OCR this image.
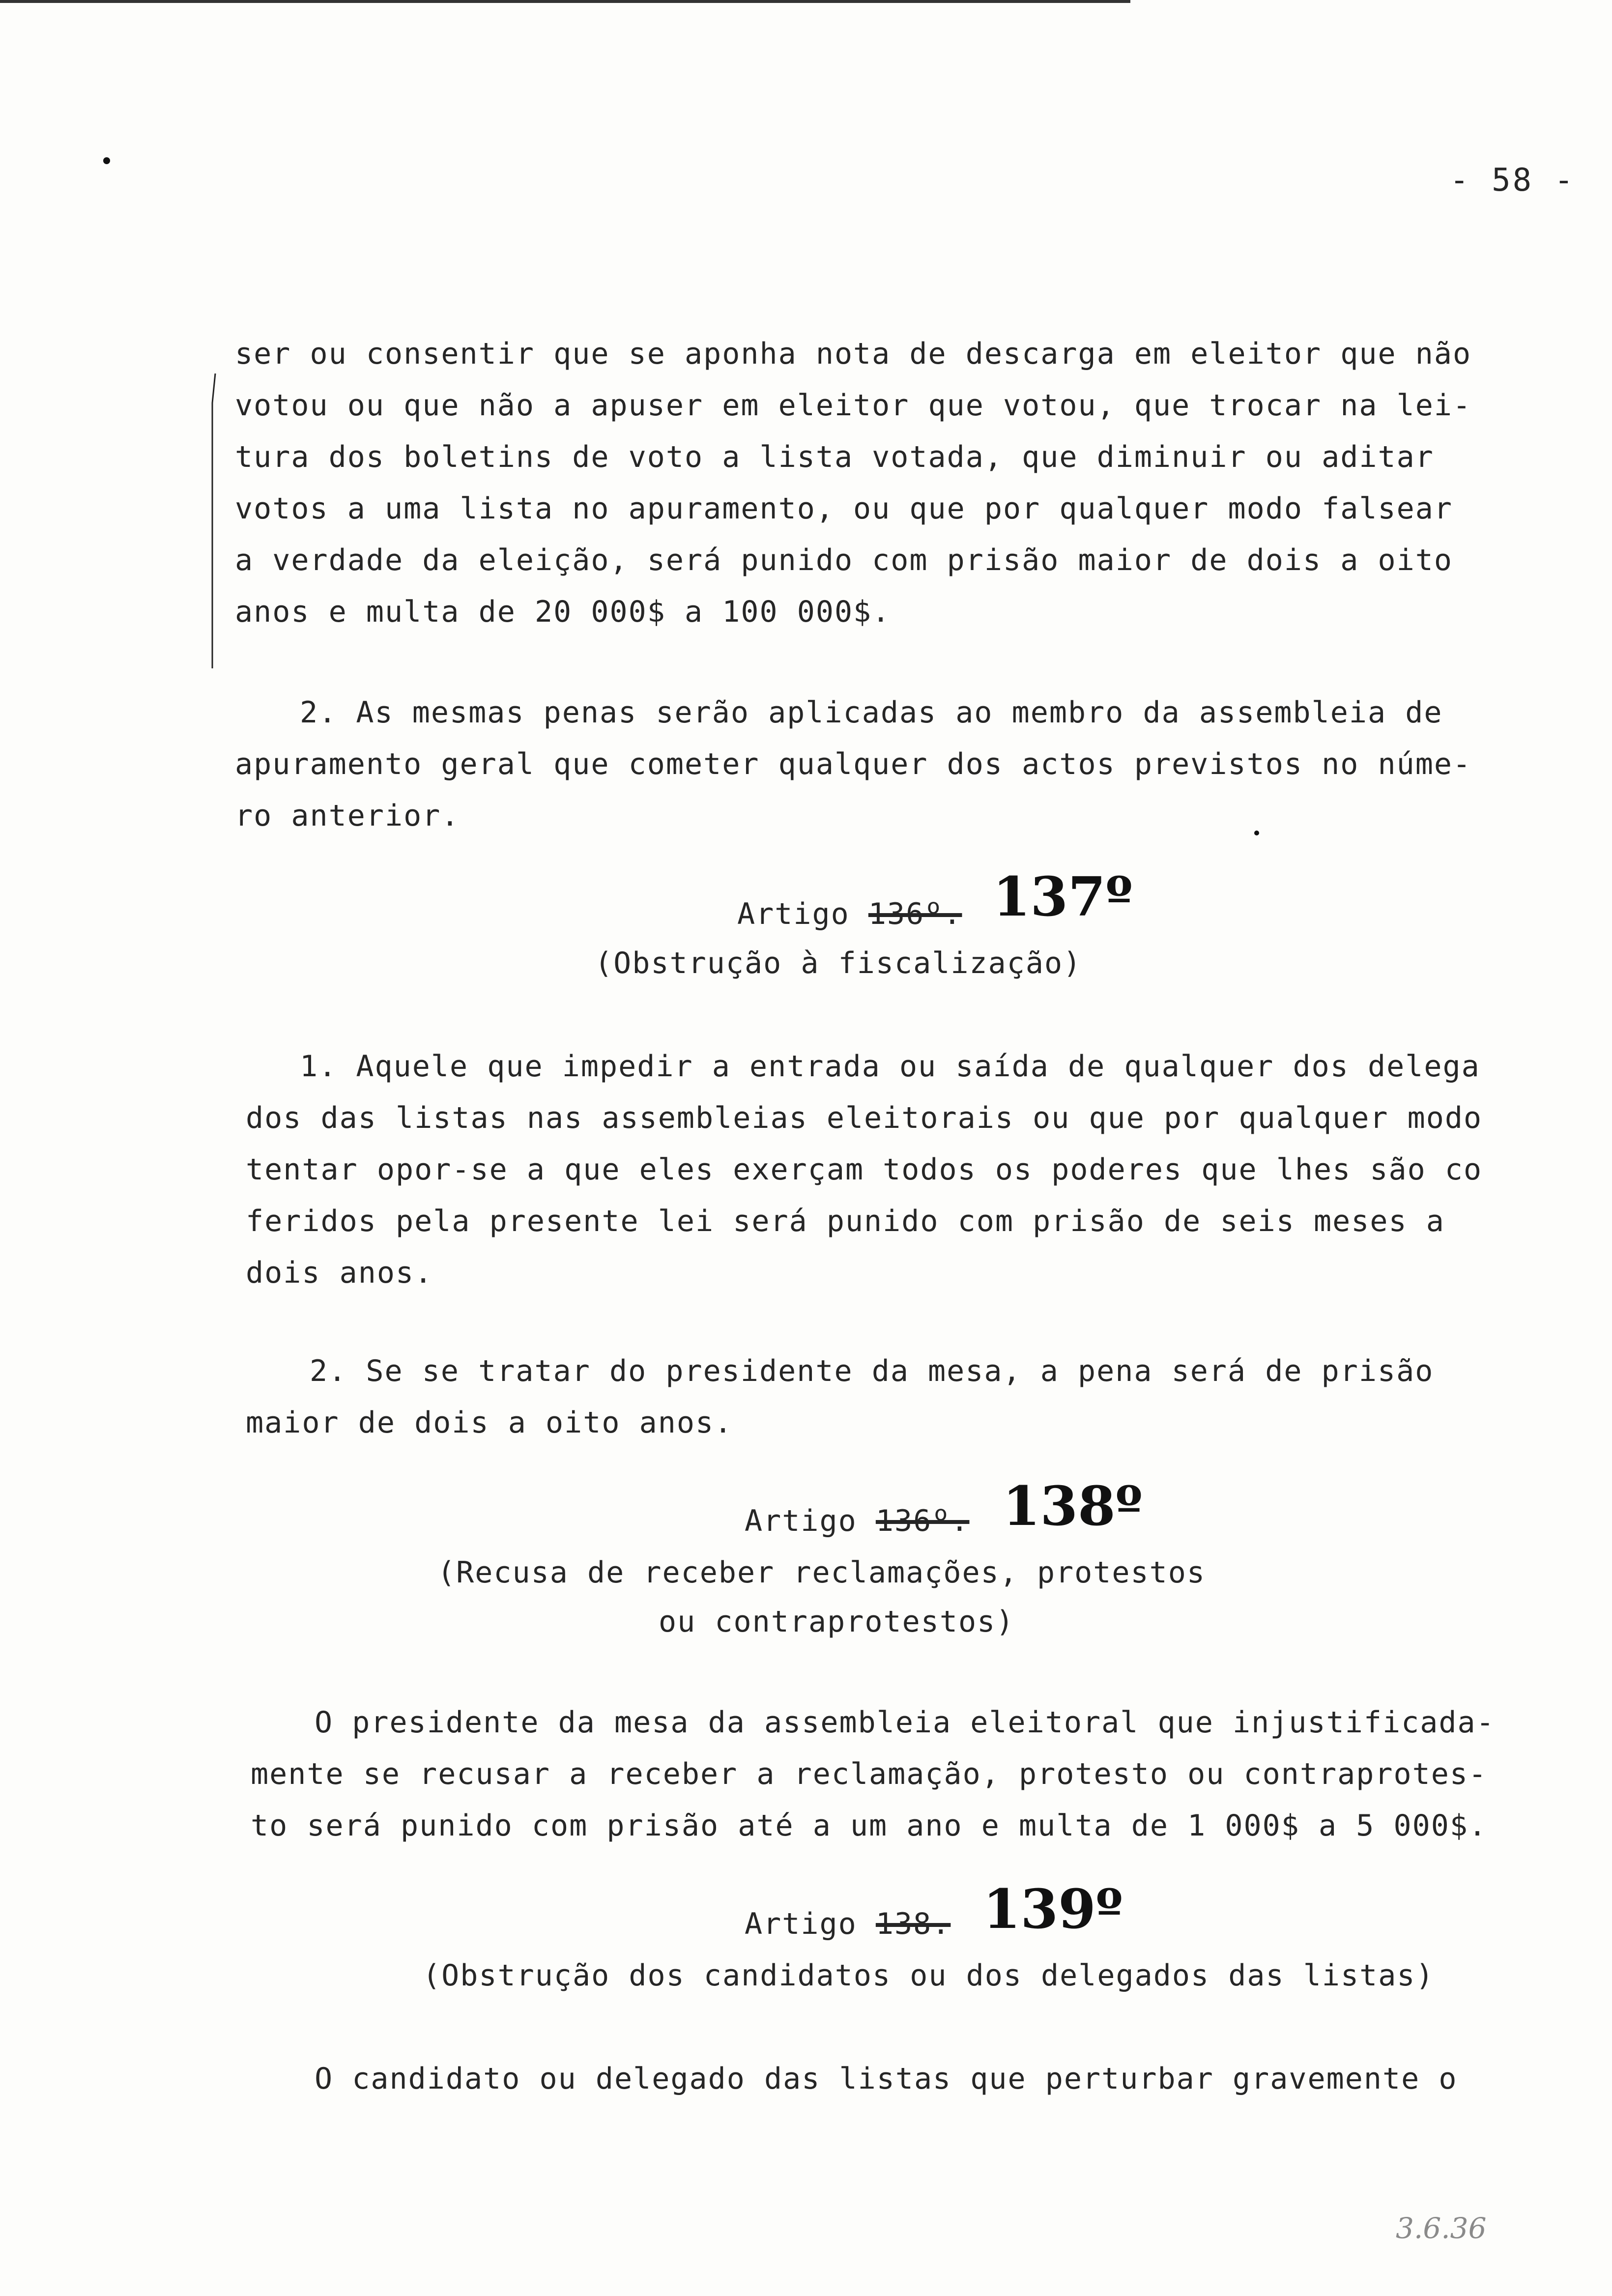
- 58 -
ser ou consentir que se aponha nota de descarga em eleitor que não
votou ou que não a apuser em eleitor que votou, que trocar na lei-
tura dos boletins de voto a lista votada, que diminuir ou aditar
votos a uma lista no apuramento, ou que por qualquer modo falsear
a verdade da eleição, será punido com prisão maior de dois a oito
anos e multa de 20 000$ a 100 000$.
2. As mesmas penas serão aplicadas ao membro da assembleia de
apuramento geral que cometer qualquer dos actos previstos no núme-
ro anterior.
Artigo 136º. 137º
(Obstrução à fiscalização)
1. Aquele que impedir a entrada ou saída de qualquer dos delega
dos das listas nas assembleias eleitorais ou que por qualquer modo
tentar opor-se a que eles exerçam todos os poderes que lhes são co
feridos pela presente lei será punido com prisão de seis meses a
dois anos.
2. Se se tratar do presidente da mesa, a pena será de prisão
maior de dois a oito anos.
Artigo 136º. 138º
(Recusa de receber reclamações, protestos
ou contraprotestos)
O presidente da mesa da assembleia eleitoral que injustificada-
mente se recusar a receber a reclamação, protesto ou contraprotes-
to será punido com prisão até a um ano e multa de 1 000$ a 5 000$.
Artigo 138. 139º
(Obstrução dos candidatos ou dos delegados das listas)
O candidato ou delegado das listas que perturbar gravemente o
3.6.36
